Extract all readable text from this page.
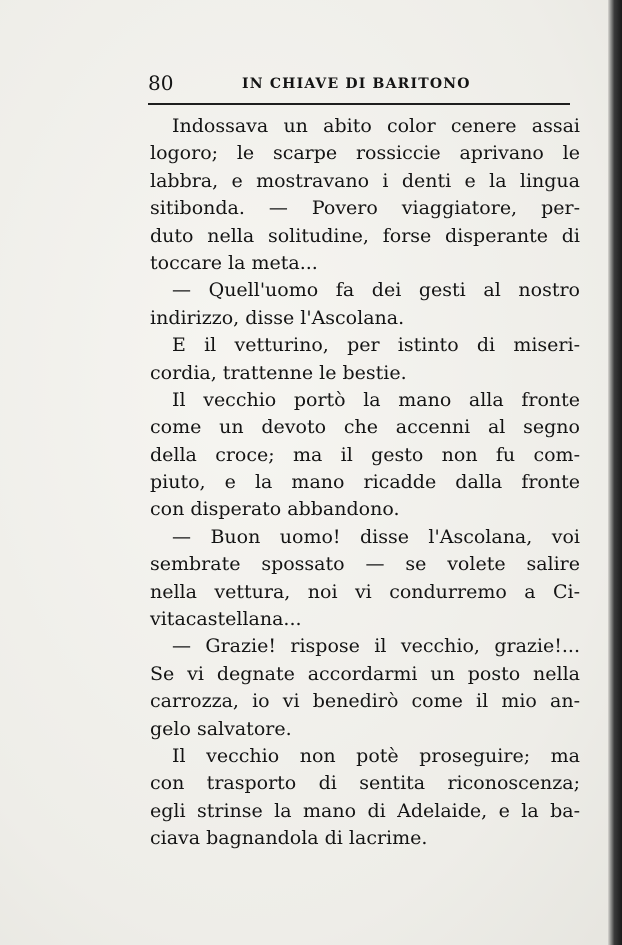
80	IN CHIAVE DI BARITONO
Indossava un abito color cenere assai
logoro; le scarpe rossiccie aprivano le
labbra, e mostravano i denti e la lingua
sitibonda. — Povero viaggiatore, per-
duto nella solitudine, forse disperante di
toccare la meta...
— Quell'uomo fa dei gesti al nostro
indirizzo, disse l'Ascolana.
E il vetturino, per istinto di miseri-
cordia, trattenne le bestie.
Il vecchio portò la mano alla fronte
come un devoto che accenni al segno
della croce; ma il gesto non fu com-
piuto, e la mano ricadde dalla fronte
con disperato abbandono.
— Buon uomo! disse l'Ascolana, voi
sembrate spossato — se volete salire
nella vettura, noi vi condurremo a Ci-
vitacastellana...
— Grazie! rispose il vecchio, grazie!...
Se vi degnate accordarmi un posto nella
carrozza, io vi benedirò come il mio an-
gelo salvatore.
Il vecchio non potè proseguire; ma
con trasporto di sentita riconoscenza;
egli strinse la mano di Adelaide, e la ba-
ciava bagnandola di lacrime.
